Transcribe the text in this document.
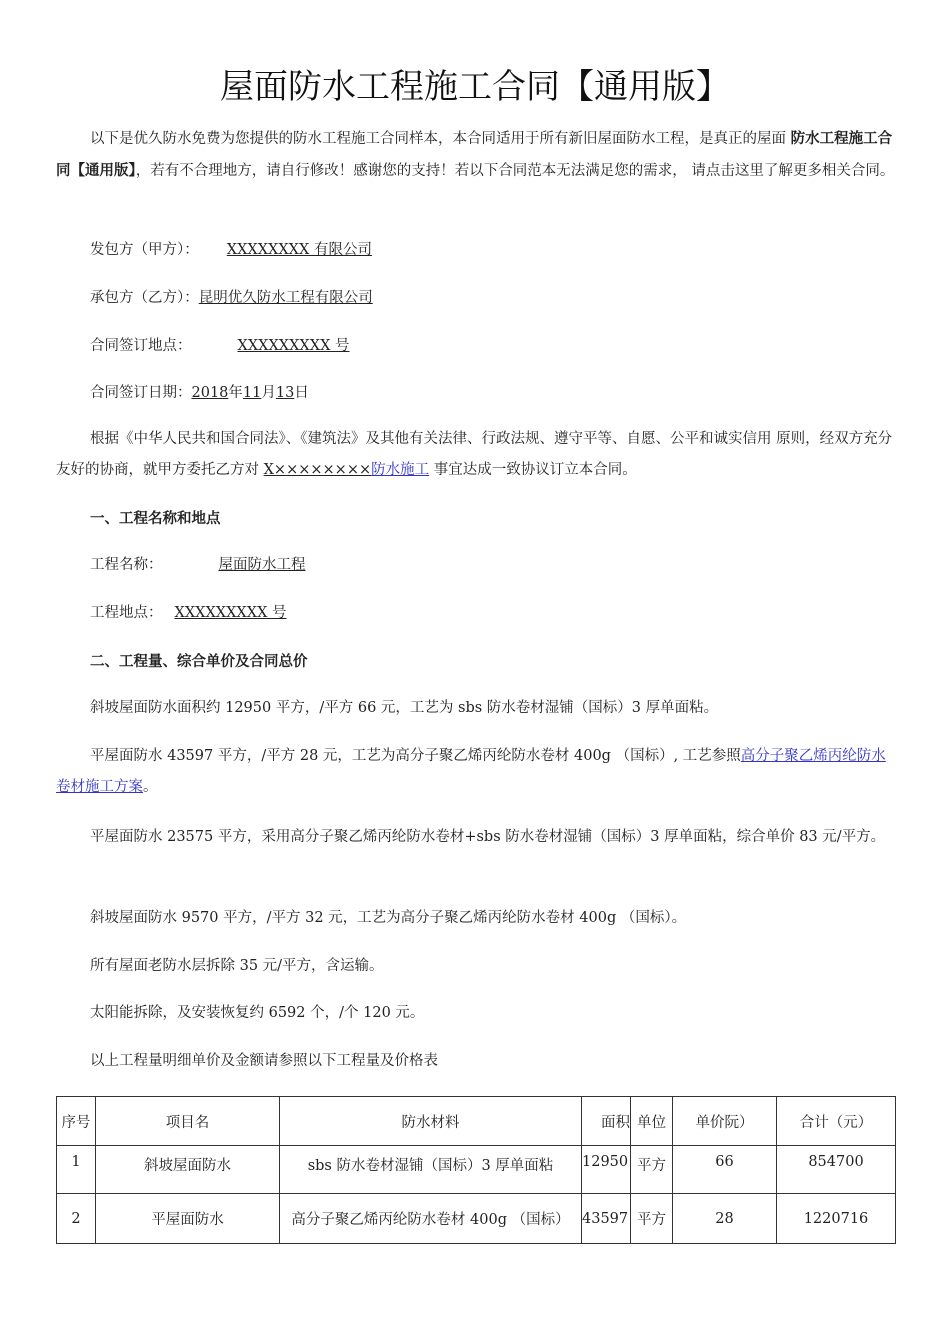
屋面防水工程施工合同【通用版】
以下是优久防水免费为您提供的防水工程施工合同样本，本合同适用于所有新旧屋面防水工程，是真正的屋面 防水工程施工合同【通用版】，若有不合理地方，请自行修改！感谢您的支持！若以下合同范本无法满足您的需求， 请点击这里了解更多相关合同。
发包方（甲方）： XXXXXXXX 有限公司
承包方（乙方）：昆明优久防水工程有限公司
合同签订地点：	XXXXXXXXX 号
合同签订日期：2018年11月13日
根据《中华人民共和国合同法》、《建筑法》及其他有关法律、行政法规、遵守平等、自愿、公平和诚实信用 原则，经双方充分友好的协商，就甲方委托乙方对 X××××××××防水施工 事宜达成一致协议订立本合同。
一、工程名称和地点
工程名称：	屋面防水工程
工程地点： XXXXXXXXX 号
二、工程量、综合单价及合同总价
斜坡屋面防水面积约 12950 平方，/平方 66 元，工艺为 sbs 防水卷材湿铺（国标）3 厚单面粘。
平屋面防水 43597 平方，/平方 28 元，工艺为高分子聚乙烯丙纶防水卷材 400g （国标）, 工艺参照高分子聚乙烯丙纶防水卷材施工方案。
平屋面防水 23575 平方，采用高分子聚乙烯丙纶防水卷材+sbs 防水卷材湿铺（国标）3 厚单面粘，综合单价 83 元/平方。
斜坡屋面防水 9570 平方，/平方 32 元，工艺为高分子聚乙烯丙纶防水卷材 400g （国标）。
所有屋面老防水层拆除 35 元/平方，含运输。
太阳能拆除，及安装恢复约 6592 个，/个 120 元。
以上工程量明细单价及金额请参照以下工程量及价格表
序号	项目名	防水材料	面积	单位	单价阮）	合计（元）
1	斜坡屋面防水	sbs 防水卷材湿铺（国标）3 厚单面粘	12950	平方	66	854700
2	平屋面防水	高分子聚乙烯丙纶防水卷材 400g （国标）	43597	平方	28	1220716
